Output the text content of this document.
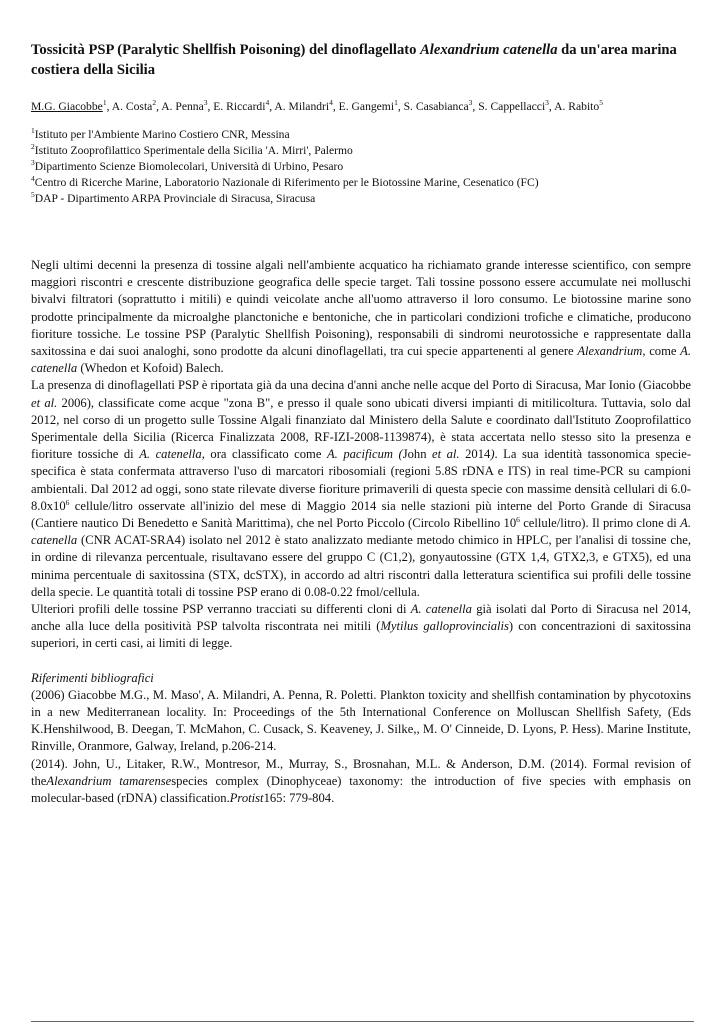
Tossicità PSP (Paralytic Shellfish Poisoning) del dinoflagellato Alexandrium catenella da un'area marina costiera della Sicilia
M.G. Giacobbe$^1$, A. Costa$^2$, A. Penna$^3$, E. Riccardi$^4$, A. Milandri$^4$, E. Gangemi$^1$, S. Casabianca$^3$, S. Cappellacci$^3$, A. Rabito$^5$
$^1$Istituto per l'Ambiente Marino Costiero CNR, Messina
$^2$Istituto Zooprofilattico Sperimentale della Sicilia 'A. Mirri', Palermo
$^3$Dipartimento Scienze Biomolecolari, Università di Urbino, Pesaro
$^4$Centro di Ricerche Marine, Laboratorio Nazionale di Riferimento per le Biotossine Marine, Cesenatico (FC)
$^5$DAP - Dipartimento ARPA Provinciale di Siracusa, Siracusa

Negli ultimi decenni la presenza di tossine algali nell'ambiente acquatico ha richiamato grande interesse scientifico, con sempre maggiori riscontri e crescente distribuzione geografica delle specie target. Tali tossine possono essere accumulate nei molluschi bivalvi filtratori (soprattutto i mitili) e quindi veicolate anche all'uomo attraverso il loro consumo. Le biotossine marine sono prodotte principalmente da microalghe planctoniche e bentoniche, che in particolari condizioni trofiche e climatiche, producono fioriture tossiche. Le tossine PSP (Paralytic Shellfish Poisoning), responsabili di sindromi neurotossiche e rappresentate dalla saxitossina e dai suoi analoghi, sono prodotte da alcuni dinoflagellati, tra cui specie appartenenti al genere Alexandrium, come A. catenella (Whedon et Kofoid) Balech.

La presenza di dinoflagellati PSP è riportata già da una decina d'anni anche nelle acque del Porto di Siracusa, Mar Ionio (Giacobbe et al. 2006), classificate come acque "zona B", e presso il quale sono ubicati diversi impianti di mitilicoltura. Tuttavia, solo dal 2012, nel corso di un progetto sulle Tossine Algali finanziato dal Ministero della Salute e coordinato dall'Istituto Zooprofilattico Sperimentale della Sicilia (Ricerca Finalizzata 2008, RF-IZI-2008-1139874), è stata accertata nello stesso sito la presenza e fioriture tossiche di A. catenella, ora classificato come A. pacificum (John et al. 2014). La sua identità tassonomica specie-specifica è stata confermata attraverso l'uso di marcatori ribosomiali (regioni 5.8S rDNA e ITS) in real time-PCR su campioni ambientali. Dal 2012 ad oggi, sono state rilevate diverse fioriture primaverili di questa specie con massime densità cellulari di $6.0-8.0x10^6$ cellule/litro osservate all'inizio del mese di Maggio 2014 sia nelle stazioni più interne del Porto Grande di Siracusa (Cantiere nautico Di Benedetto e Sanità Marittima), che nel Porto Piccolo (Circolo Ribellino $10^6$ cellule/litro). Il primo clone di A. catenella (CNR ACAT-SRA4) isolato nel 2012 è stato analizzato mediante metodo chimico in HPLC, per l'analisi di tossine che, in ordine di rilevanza percentuale, risultavano essere del gruppo C (C1,2), gonyautossine (GTX 1,4, GTX2,3, e GTX5), ed una minima percentuale di saxitossina (STX, dcSTX), in accordo ad altri riscontri dalla letteratura scientifica sui profili delle tossine della specie. Le quantità totali di tossine PSP erano di 0.08-0.22 fmol/cellula.

Ulteriori profili delle tossine PSP verranno tracciati su differenti cloni di A. catenella già isolati dal Porto di Siracusa nel 2014, anche alla luce della positività PSP talvolta riscontrata nei mitili (Mytilus galloprovincialis) con concentrazioni di saxitossina superiori, in certi casi, ai limiti di legge.

Riferimenti bibliografici

(2006) Giacobbe M.G., M. Maso', A. Milandri, A. Penna, R. Poletti. Plankton toxicity and shellfish contamination by phycotoxins in a new Mediterranean locality. In: Proceedings of the 5th International Conference on Molluscan Shellfish Safety, (Eds K.Henshilwood, B. Deegan, T. McMahon, C. Cusack, S. Keaveney, J. Silke,, M. O' Cinneide, D. Lyons, P. Hess). Marine Institute, Rinville, Oranmore, Galway, Ireland, p.206-214.

(2014). John, U., Litaker, R.W., Montresor, M., Murray, S., Brosnahan, M.L. & Anderson, D.M. (2014). Formal revision of theAlexandrium tamarensespecies complex (Dinophyceae) taxonomy: the introduction of five species with emphasis on molecular-based (rDNA) classification.Protist165: 779-804.
